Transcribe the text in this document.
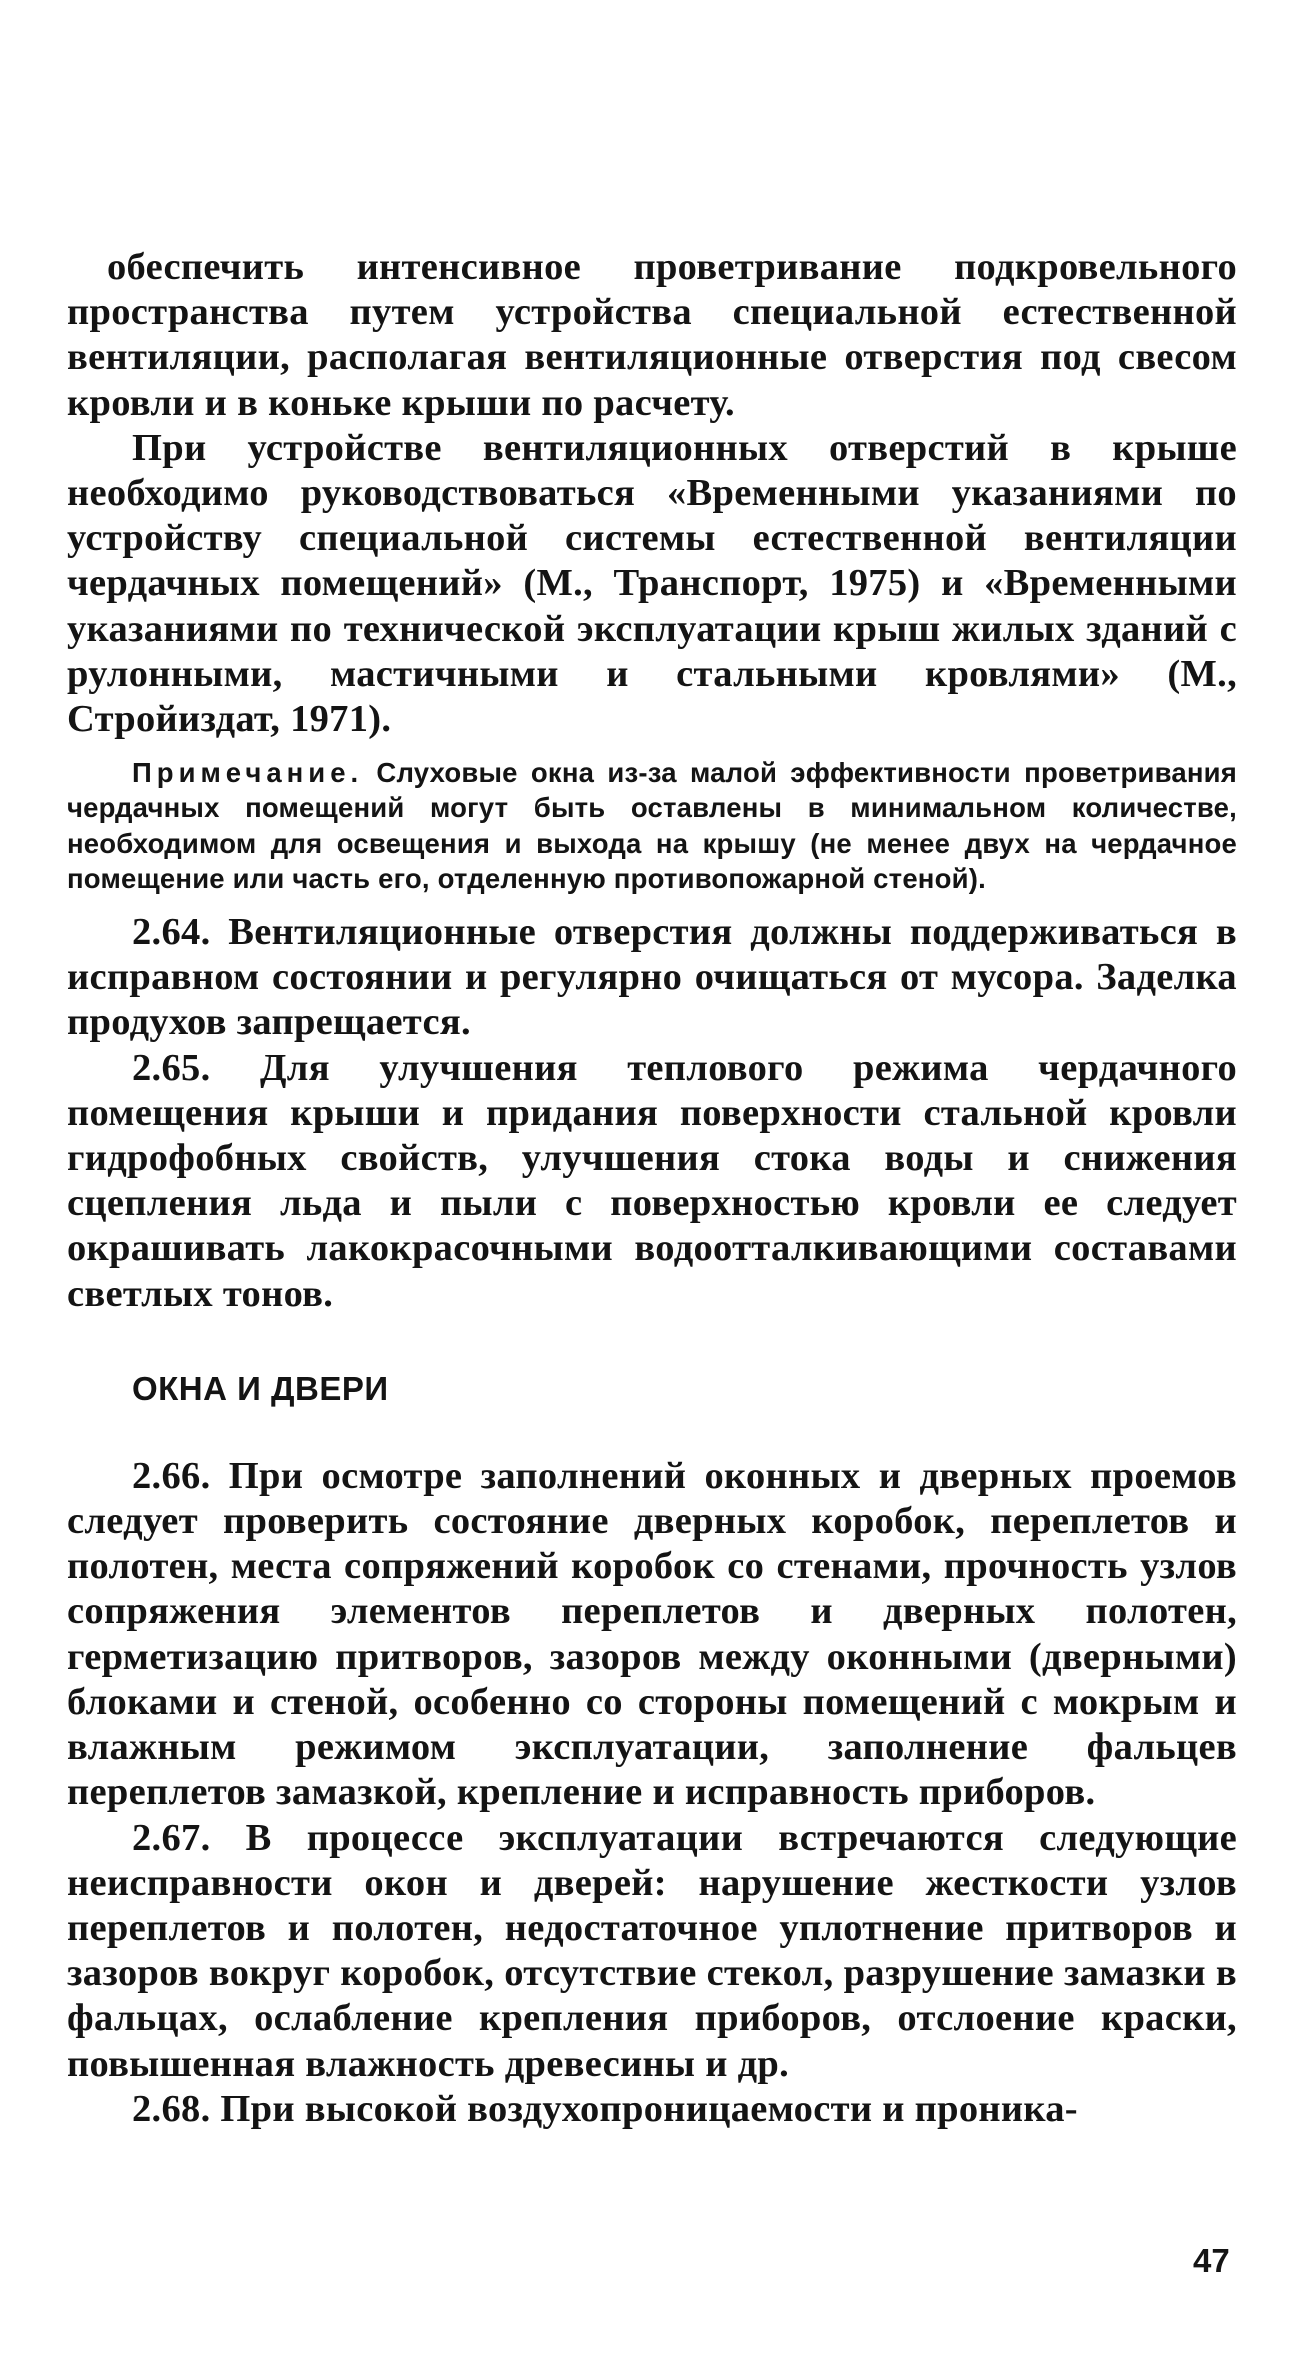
обеспечить интенсивное проветривание подкровельного пространства путем устройства специальной естественной вентиляции, располагая вентиляционные отверстия под свесом кровли и в коньке крыши по расчету.

При устройстве вентиляционных отверстий в крыше необходимо руководствоваться «Временными указаниями по устройству специальной системы естественной вентиляции чердачных помещений» (М., Транспорт, 1975) и «Временными указаниями по технической эксплуатации крыш жилых зданий с рулонными, мастичными и стальными кровлями» (М., Стройиздат, 1971).

Примечание. Слуховые окна из-за малой эффективности проветривания чердачных помещений могут быть оставлены в минимальном количестве, необходимом для освещения и выхода на крышу (не менее двух на чердачное помещение или часть его, отделенную противопожарной стеной).

2.64. Вентиляционные отверстия должны поддерживаться в исправном состоянии и регулярно очищаться от мусора. Заделка продухов запрещается.

2.65. Для улучшения теплового режима чердачного помещения крыши и придания поверхности стальной кровли гидрофобных свойств, улучшения стока воды и снижения сцепления льда и пыли с поверхностью кровли ее следует окрашивать лакокрасочными водоотталкивающими составами светлых тонов.

ОКНА И ДВЕРИ

2.66. При осмотре заполнений оконных и дверных проемов следует проверить состояние дверных коробок, переплетов и полотен, места сопряжений коробок со стенами, прочность узлов сопряжения элементов переплетов и дверных полотен, герметизацию притворов, зазоров между оконными (дверными) блоками и стеной, особенно со стороны помещений с мокрым и влажным режимом эксплуатации, заполнение фальцев переплетов замазкой, крепление и исправность приборов.

2.67. В процессе эксплуатации встречаются следующие неисправности окон и дверей: нарушение жесткости узлов переплетов и полотен, недостаточное уплотнение притворов и зазоров вокруг коробок, отсутствие стекол, разрушение замазки в фальцах, ослабление крепления приборов, отслоение краски, повышенная влажность древесины и др.

2.68. При высокой воздухопроницаемости и проника-

47
